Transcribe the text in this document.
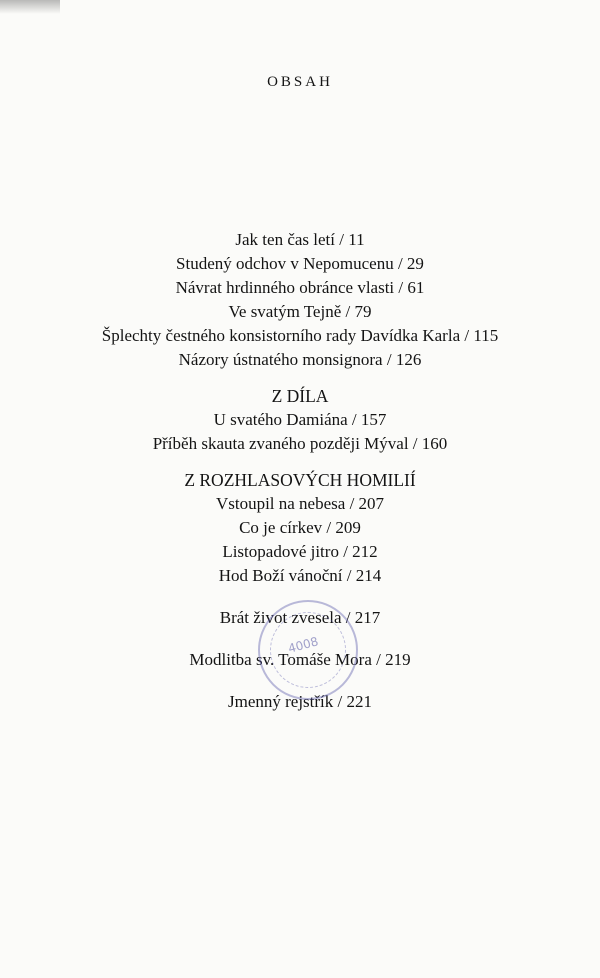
OBSAH
Jak ten čas letí / 11
Studený odchov v Nepomucenu / 29
Návrat hrdinného obránce vlasti / 61
Ve svatým Tejně / 79
Šplechty čestného konsistorního rady Davídka Karla / 115
Názory ústnatého monsignora / 126
Z DÍLA
U svatého Damiána / 157
Příběh skauta zvaného později Mýval / 160
Z ROZHLASOVÝCH HOMILIÍ
Vstoupil na nebesa / 207
Co je církev / 209
Listopadové jitro / 212
Hod Boží vánoční / 214
Brát život zvesela / 217
Modlitba sv. Tomáše Mora / 219
Jmenný rejstřík / 221
4008
